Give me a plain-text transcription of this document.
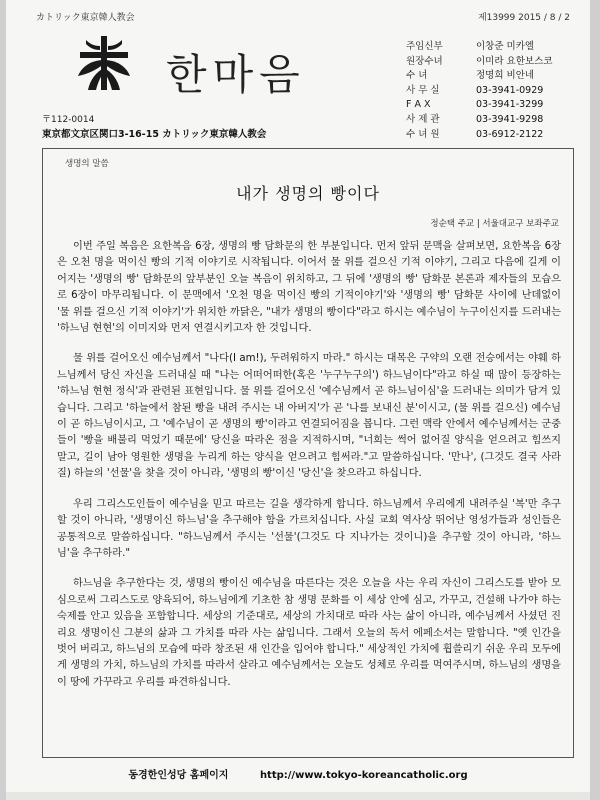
カトリック東京韓人教会	제13999 2015 / 8 / 2
한마음
〒112-0014
東京都文京区関口3-16-15 カトリック東京韓人教会
주임신부	이창준 미카엘
원장수녀	이미라 요한보스코
수 녀	정명희 비안네
사 무 실	03-3941-0929
F A X	03-3941-3299
사 제 관	03-3941-9298
수 녀 원	03-6912-2122
생명의 말씀
내가 생명의 빵이다
정순택 주교 | 서울대교구 보좌주교

이번 주일 복음은 요한복음 6장, 생명의 빵 담화문의 한 부분입니다. 먼저 앞뒤 문맥을 살펴보면, 요한복음 6장은 오천 명을 먹이신 빵의 기적 이야기로 시작됩니다. 이어서 물 위를 걸으신 기적 이야기, 그리고 다음에 길게 이어지는 '생명의 빵' 담화문의 앞부분인 오늘 복음이 위치하고, 그 뒤에 '생명의 빵' 담화문 본론과 제자들의 모습으로 6장이 마무리됩니다. 이 문맥에서 '오천 명을 먹이신 빵의 기적이야기'와 '생명의 빵' 담화문 사이에 난데없이 '물 위를 걸으신 기적 이야기'가 위치한 까닭은, "내가 생명의 빵이다"라고 하시는 예수님이 누구이신지를 드러내는 '하느님 현현'의 이미지와 먼저 연결시키고자 한 것입니다.

물 위를 걸어오신 예수님께서 "나다(I am!), 두려워하지 마라." 하시는 대목은 구약의 오랜 전승에서는 야훼 하느님께서 당신 자신을 드러내실 때 "나는 어떠어떠한(혹은 '누구누구의') 하느님이다"라고 하실 때 많이 등장하는 '하느님 현현 정식'과 관련된 표현입니다. 물 위를 걸어오신 '예수님께서 곧 하느님이심'을 드러내는 의미가 담겨 있습니다. 그리고 '하늘에서 참된 빵을 내려 주시는 내 아버지'가 곧 '나를 보내신 분'이시고, (물 위를 걸으신) 예수님이 곧 하느님이시고, 그 '예수님이 곧 생명의 빵'이라고 연결되어짐을 봅니다. 그런 맥락 안에서 예수님께서는 군중들이 '빵을 배불리 먹었기 때문에' 당신을 따라온 점을 지적하시며, "너희는 썩어 없어질 양식을 얻으려고 힘쓰지 말고, 길이 남아 영원한 생명을 누리게 하는 양식을 얻으려고 힘써라."고 말씀하십니다. '만나', (그것도 결국 사라질) 하늘의 '선물'을 찾을 것이 아니라, '생명의 빵'이신 '당신'을 찾으라고 하십니다.

우리 그리스도인들이 예수님을 믿고 따르는 길을 생각하게 합니다. 하느님께서 우리에게 내려주실 '복'만 추구할 것이 아니라, '생명이신 하느님'을 추구해야 함을 가르치십니다. 사실 교회 역사상 뛰어난 영성가들과 성인들은 공통적으로 말씀하십니다. "하느님께서 주시는 '선물'(그것도 다 지나가는 것이니)을 추구할 것이 아니라, '하느님'을 추구하라."

하느님을 추구한다는 것, 생명의 빵이신 예수님을 따른다는 것은 오늘을 사는 우리 자신이 그리스도를 받아 모심으로써 그리스도로 양육되어, 하느님에게 기초한 참 생명 문화를 이 세상 안에 심고, 가꾸고, 건설해 나가야 하는 숙제를 안고 있음을 포함합니다. 세상의 기준대로, 세상의 가치대로 따라 사는 삶이 아니라, 예수님께서 사셨던 진리요 생명이신 그분의 삶과 그 가치를 따라 사는 삶입니다. 그래서 오늘의 독서 에페소서는 말합니다. "옛 인간을 벗어 버리고, 하느님의 모습에 따라 창조된 새 인간을 입어야 합니다." 세상적인 가치에 휩쓸리기 쉬운 우리 모두에게 생명의 가치, 하느님의 가치를 따라서 살라고 예수님께서는 오늘도 성체로 우리를 먹여주시며, 하느님의 생명을 이 땅에 가꾸라고 우리를 파견하십니다.

동경한인성당 홈페이지	http://www.tokyo-koreancatholic.org
